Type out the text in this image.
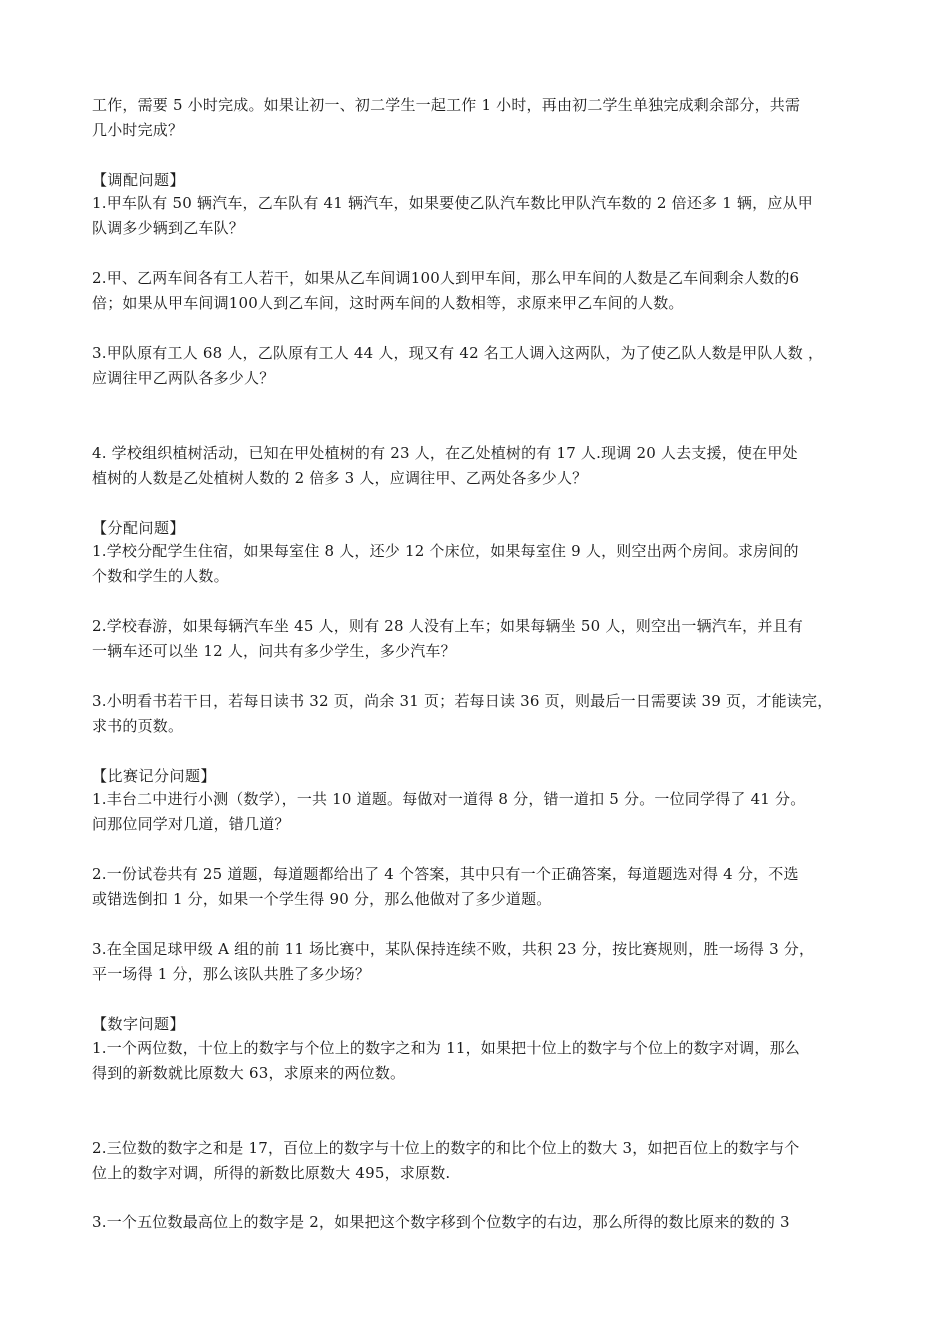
工作，需要 5 小时完成。如果让初一、初二学生一起工作 1 小时，再由初二学生单独完成剩余部分，共需
几小时完成？
【调配问题】
1.甲车队有 50 辆汽车，乙车队有 41 辆汽车，如果要使乙队汽车数比甲队汽车数的 2 倍还多 1 辆，应从甲
队调多少辆到乙车队？
2.甲、乙两车间各有工人若干，如果从乙车间调100人到甲车间，那么甲车间的人数是乙车间剩余人数的6
倍；如果从甲车间调100人到乙车间，这时两车间的人数相等，求原来甲乙车间的人数。
3.甲队原有工人 68 人，乙队原有工人 44 人，现又有 42 名工人调入这两队，为了使乙队人数是甲队人数 ，
应调往甲乙两队各多少人？
4. 学校组织植树活动，已知在甲处植树的有 23 人，在乙处植树的有 17 人.现调 20 人去支援，使在甲处
植树的人数是乙处植树人数的 2 倍多 3 人，应调往甲、乙两处各多少人？
【分配问题】
1.学校分配学生住宿，如果每室住 8 人，还少 12 个床位，如果每室住 9 人，则空出两个房间。求房间的
个数和学生的人数。
2.学校春游，如果每辆汽车坐 45 人，则有 28 人没有上车；如果每辆坐 50 人，则空出一辆汽车，并且有
一辆车还可以坐 12 人，问共有多少学生，多少汽车？
3.小明看书若干日，若每日读书 32 页，尚余 31 页；若每日读 36 页，则最后一日需要读 39 页，才能读完，
求书的页数。
【比赛记分问题】
1.丰台二中进行小测（数学），一共 10 道题。每做对一道得 8 分，错一道扣 5 分。一位同学得了 41 分。
问那位同学对几道，错几道？
2.一份试卷共有 25 道题，每道题都给出了 4 个答案，其中只有一个正确答案，每道题选对得 4 分，不选
或错选倒扣 1 分，如果一个学生得 90 分，那么他做对了多少道题。
3.在全国足球甲级 A 组的前 11 场比赛中，某队保持连续不败，共积 23 分，按比赛规则，胜一场得 3 分，
平一场得 1 分，那么该队共胜了多少场？
【数字问题】
1.一个两位数，十位上的数字与个位上的数字之和为 11，如果把十位上的数字与个位上的数字对调，那么
得到的新数就比原数大 63，求原来的两位数。
2.三位数的数字之和是 17，百位上的数字与十位上的数字的和比个位上的数大 3，如把百位上的数字与个
位上的数字对调，所得的新数比原数大 495，求原数.
3.一个五位数最高位上的数字是 2，如果把这个数字移到个位数字的右边，那么所得的数比原来的数的 3
